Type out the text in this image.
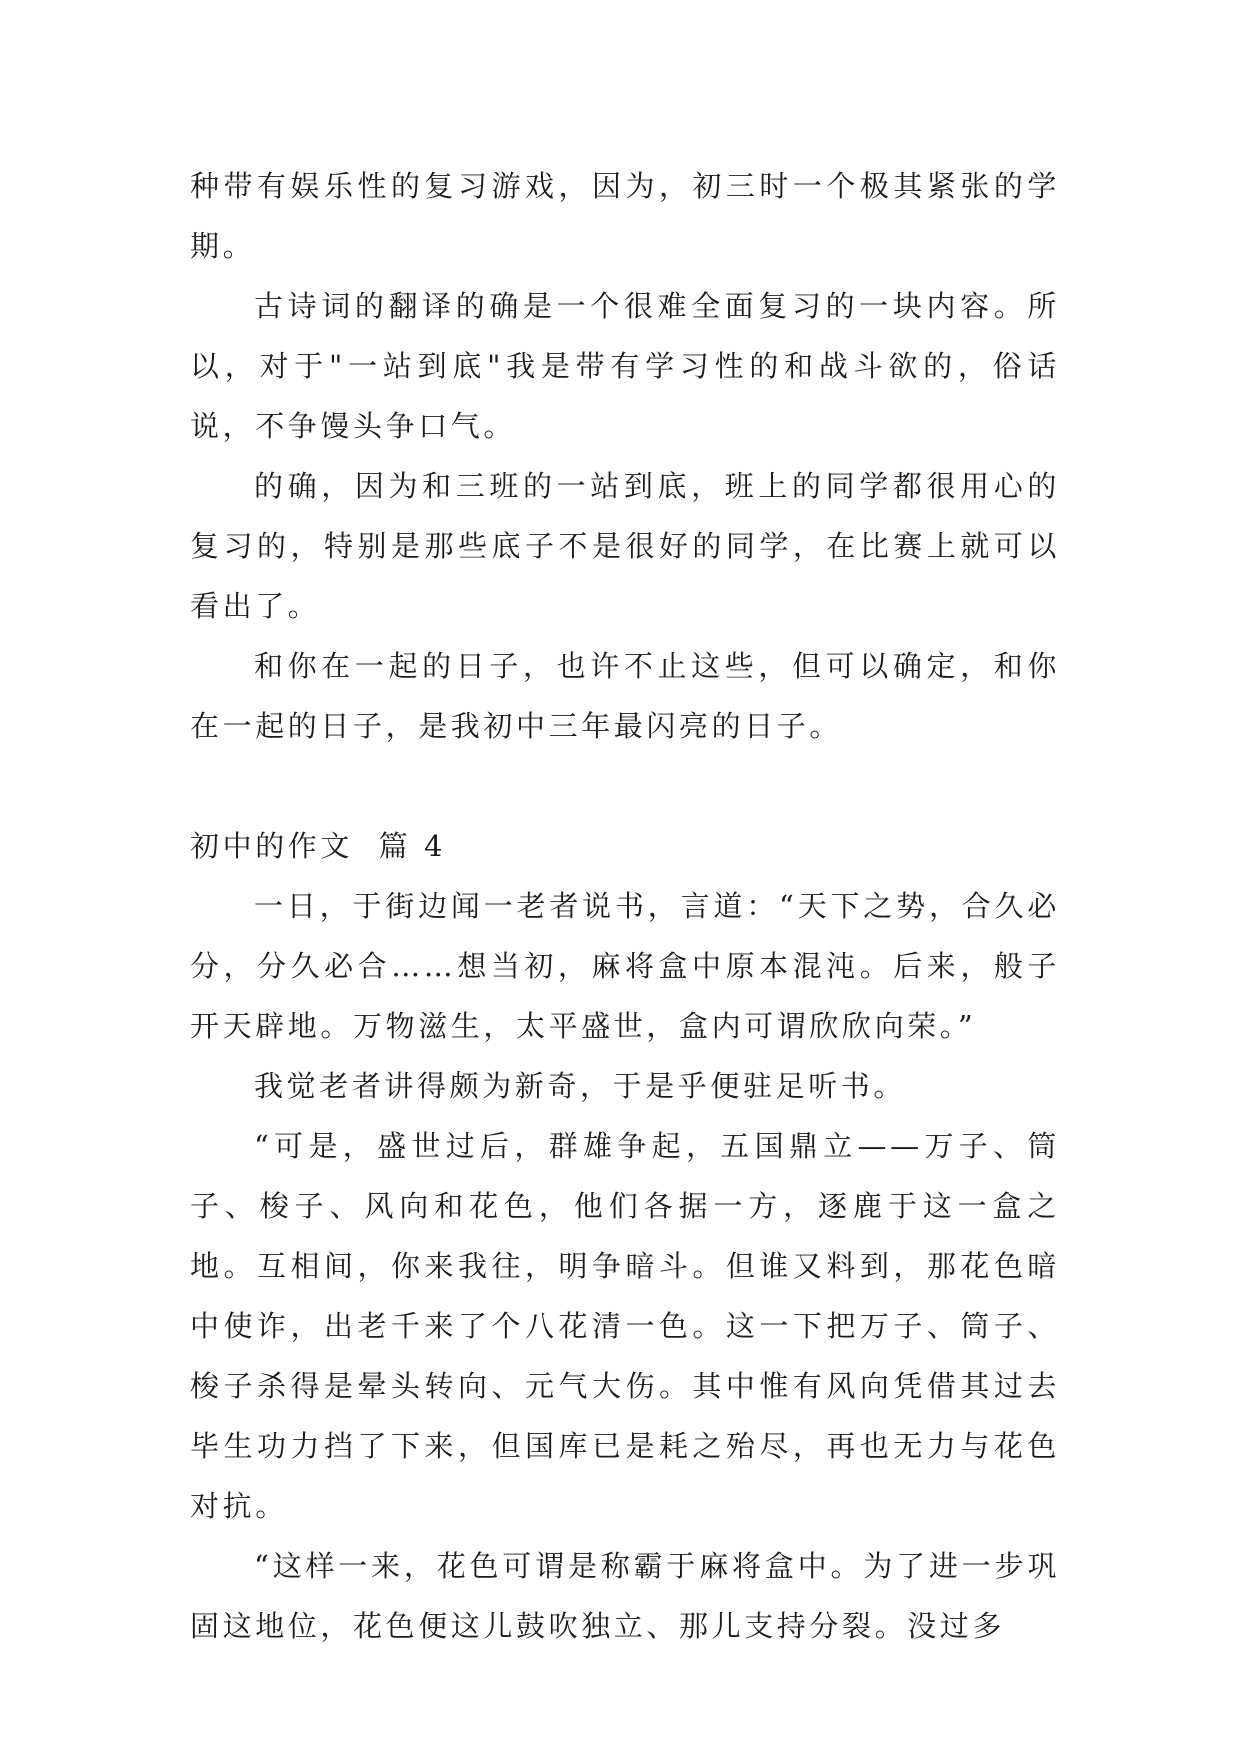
种带有娱乐性的复习游戏，因为，初三时一个极其紧张的学期。

古诗词的翻译的确是一个很难全面复习的一块内容。所以，对于"一站到底"我是带有学习性的和战斗欲的，俗话说，不争馒头争口气。

的确，因为和三班的一站到底，班上的同学都很用心的复习的，特别是那些底子不是很好的同学，在比赛上就可以看出了。

和你在一起的日子，也许不止这些，但可以确定，和你在一起的日子，是我初中三年最闪亮的日子。

初中的作文  篇 4

一日，于街边闻一老者说书，言道：“天下之势，合久必分，分久必合……想当初，麻将盒中原本混沌。后来，般子开天辟地。万物滋生，太平盛世，盒内可谓欣欣向荣。”

我觉老者讲得颇为新奇，于是乎便驻足听书。

“可是，盛世过后，群雄争起，五国鼎立——万子、筒子、梭子、风向和花色，他们各据一方，逐鹿于这一盒之地。互相间，你来我往，明争暗斗。但谁又料到，那花色暗中使诈，出老千来了个八花清一色。这一下把万子、筒子、梭子杀得是晕头转向、元气大伤。其中惟有风向凭借其过去毕生功力挡了下来，但国库已是耗之殆尽，再也无力与花色对抗。

“这样一来，花色可谓是称霸于麻将盒中。为了进一步巩固这地位，花色便这儿鼓吹独立、那儿支持分裂。没过多
